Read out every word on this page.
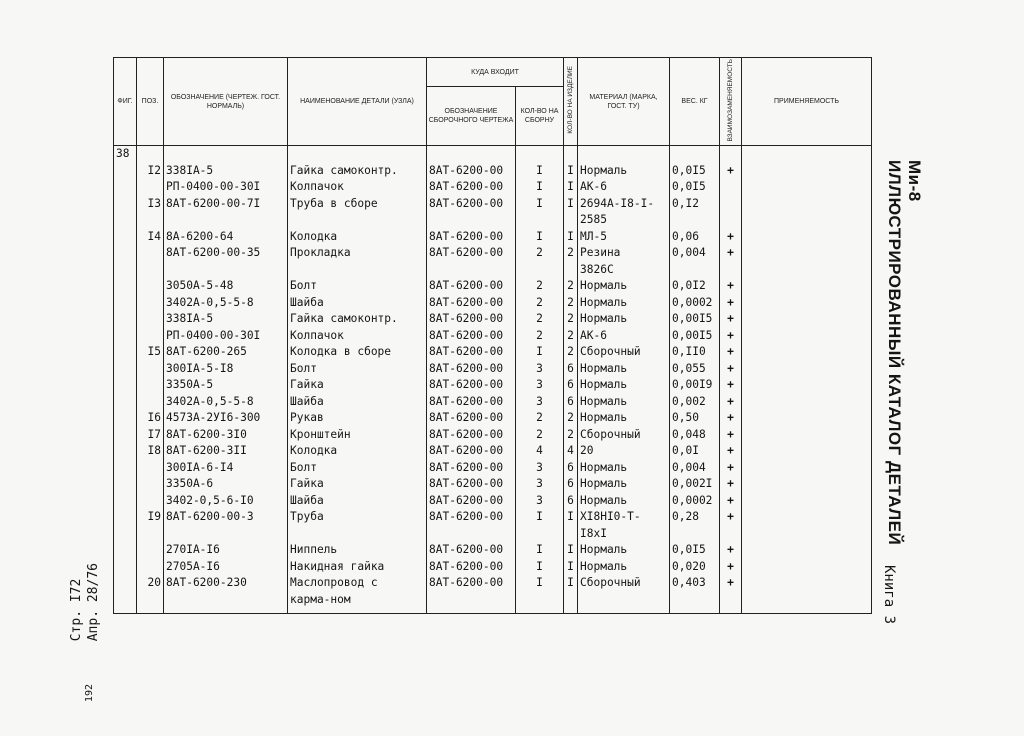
ФИГ.	ПОЗ.	ОБОЗНАЧЕНИЕ (ЧЕРТЕЖ. ГОСТ. НОРМАЛЬ)	НАИМЕНОВАНИЕ ДЕТАЛИ (УЗЛА)	КУДА ВХОДИТ		КОЛ-ВО НА ИЗДЕЛИЕ	МАТЕРИАЛ (МАРКА, ГОСТ. ТУ)	ВЕС. КГ	ВЗАИМОЗАМЕНЯЕМОСТЬ	ПРИМЕНЯЕМОСТЬ
				ОБОЗНАЧЕНИЕ СБОРОЧНОГО ЧЕРТЕЖА	КОЛ-ВО НА СБОРНУ					
38										
	I2	338IA-5	Гайка самоконтр.	8АТ-6200-00	I	I	Нормаль	0,0I5	+	
		РП-0400-00-30I	Колпачок	8АТ-6200-00	I	I	АК-6	0,0I5		
	I3	8АТ-6200-00-7I	Труба в сборе	8АТ-6200-00	I	I	2694А-I8-I-	0,I2		
							2585			
	I4	8А-6200-64	Колодка	8АТ-6200-00	I	I	МЛ-5	0,06	+	
		8АТ-6200-00-35	Прокладка	8АТ-6200-00	2	2	Резина	0,004	+	
							3826С			
		3050А-5-48	Болт	8АТ-6200-00	2	2	Нормаль	0,0I2	+	
		3402А-0,5-5-8	Шайба	8АТ-6200-00	2	2	Нормаль	0,0002	+	
		338IA-5	Гайка самоконтр.	8АТ-6200-00	2	2	Нормаль	0,00I5	+	
		РП-0400-00-30I	Колпачок	8АТ-6200-00	2	2	АК-6	0,00I5	+	
	I5	8АТ-6200-265	Колодка в сборе	8АТ-6200-00	I	2	Сборочный	0,II0	+	
		300IA-5-I8	Болт	8АТ-6200-00	3	6	Нормаль	0,055	+	
		3350А-5	Гайка	8АТ-6200-00	3	6	Нормаль	0,00I9	+	
		3402А-0,5-5-8	Шайба	8АТ-6200-00	3	6	Нормаль	0,002	+	
	I6	4573А-2УI6-300	Рукав	8АТ-6200-00	2	2	Нормаль	0,50	+	
	I7	8АТ-6200-3I0	Кронштейн	8АТ-6200-00	2	2	Сборочный	0,048	+	
	I8	8АТ-6200-3II	Колодка	8АТ-6200-00	4	4	20	0,0I	+	
		300IA-6-I4	Болт	8АТ-6200-00	3	6	Нормаль	0,004	+	
		3350А-6	Гайка	8АТ-6200-00	3	6	Нормаль	0,002I	+	
		3402-0,5-6-I0	Шайба	8АТ-6200-00	3	6	Нормаль	0,0002	+	
	I9	8АТ-6200-00-3	Труба	8АТ-6200-00	I	I	XI8НI0-Т-	0,28	+	
							I8хI			
		270IA-I6	Ниппель	8АТ-6200-00	I	I	Нормаль	0,0I5	+	
		2705А-I6	Накидная гайка	8АТ-6200-00	I	I	Нормаль	0,020	+	
	20	8АТ-6200-230	Маслопровод с карма-ном	8АТ-6200-00	I	I	Сборочный	0,403	+	
Ми-8
ИЛЛЮСТРИРОВАННЫЙ КАТАЛОГ ДЕТАЛЕЙ
Книга 3
Стр. I72 Апр. 28/76
192
